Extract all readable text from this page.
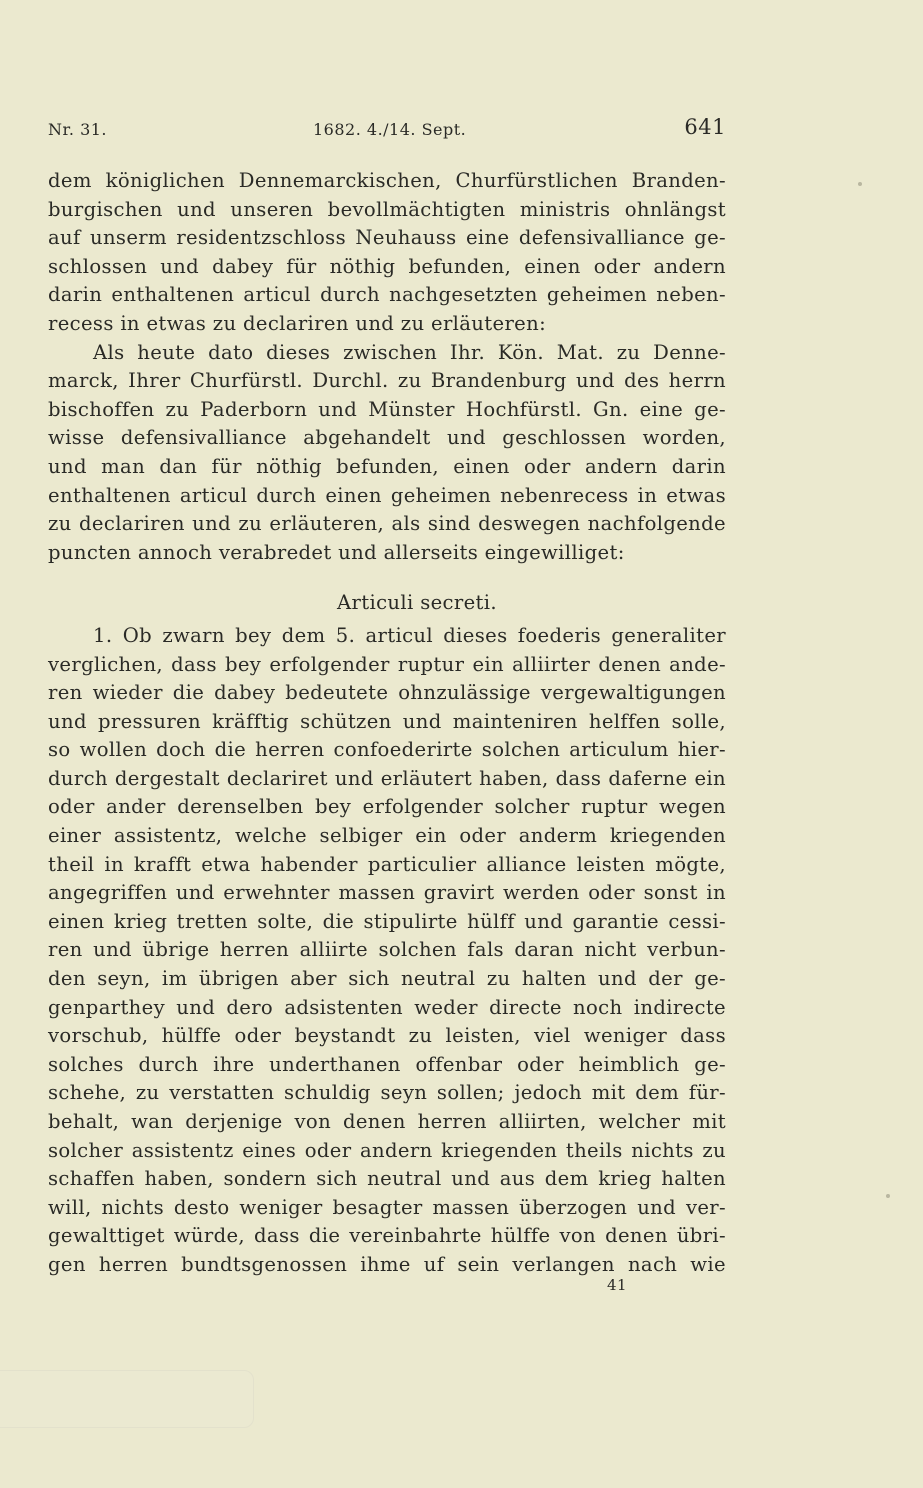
Nr. 31.	1682. 4./14. Sept.	641
dem königlichen Dennemarckischen, Churfürstlichen Branden-
burgischen und unseren bevollmächtigten ministris ohnlängst
auf unserm residentzschloss Neuhauss eine defensivalliance ge-
schlossen und dabey für nöthig befunden, einen oder andern
darin enthaltenen articul durch nachgesetzten geheimen neben-
recess in etwas zu declariren und zu erläuteren:
Als heute dato dieses zwischen Ihr. Kön. Mat. zu Denne-
marck, Ihrer Churfürstl. Durchl. zu Brandenburg und des herrn
bischoffen zu Paderborn und Münster Hochfürstl. Gn. eine ge-
wisse defensivalliance abgehandelt und geschlossen worden,
und man dan für nöthig befunden, einen oder andern darin
enthaltenen articul durch einen geheimen nebenrecess in etwas
zu declariren und zu erläuteren, als sind deswegen nachfolgende
puncten annoch verabredet und allerseits eingewilliget:
Articuli secreti.
1. Ob zwarn bey dem 5. articul dieses foederis generaliter
verglichen, dass bey erfolgender ruptur ein alliirter denen ande-
ren wieder die dabey bedeutete ohnzulässige vergewaltigungen
und pressuren kräfftig schützen und mainteniren helffen solle,
so wollen doch die herren confoederirte solchen articulum hier-
durch dergestalt declariret und erläutert haben, dass daferne ein
oder ander derenselben bey erfolgender solcher ruptur wegen
einer assistentz, welche selbiger ein oder anderm kriegenden
theil in krafft etwa habender particulier alliance leisten mögte,
angegriffen und erwehnter massen gravirt werden oder sonst in
einen krieg tretten solte, die stipulirte hülff und garantie cessi-
ren und übrige herren alliirte solchen fals daran nicht verbun-
den seyn, im übrigen aber sich neutral zu halten und der ge-
genparthey und dero adsistenten weder directe noch indirecte
vorschub, hülffe oder beystandt zu leisten, viel weniger dass
solches durch ihre underthanen offenbar oder heimblich ge-
schehe, zu verstatten schuldig seyn sollen; jedoch mit dem für-
behalt, wan derjenige von denen herren alliirten, welcher mit
solcher assistentz eines oder andern kriegenden theils nichts zu
schaffen haben, sondern sich neutral und aus dem krieg halten
will, nichts desto weniger besagter massen überzogen und ver-
gewalttiget würde, dass die vereinbahrte hülffe von denen übri-
gen herren bundtsgenossen ihme uf sein verlangen nach wie
41
